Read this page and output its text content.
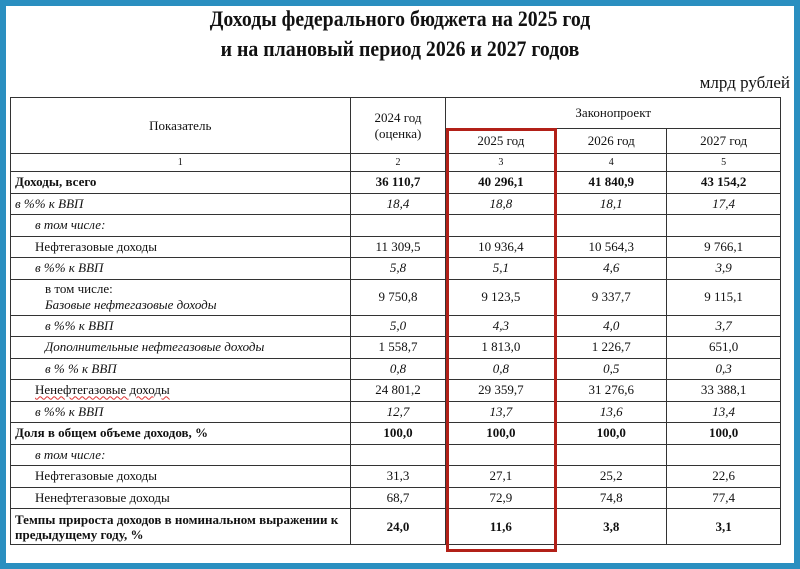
Доходы федерального бюджета на 2025 год
и на плановый период 2026 и 2027 годов
млрд рублей
Показатель	2024 год (оценка)	Законопроект		
		2025 год	2026 год	2027 год
1	2	3	4	5

Доходы, всего	36 110,7	40 296,1	41 840,9	43 154,2

в %% к ВВП	18,4	18,8	18,1	17,4

в том числе:				

Нефтегазовые доходы	11 309,5	10 936,4	10 564,3	9 766,1

в %% к ВВП	5,8	5,1	4,6	3,9

в том числе:
Базовые нефтегазовые доходы	9 750,8	9 123,5	9 337,7	9 115,1

в %% к ВВП	5,0	4,3	4,0	3,7

Дополнительные нефтегазовые доходы	1 558,7	1 813,0	1 226,7	651,0

в % % к ВВП	0,8	0,8	0,5	0,3

Ненефтегазовые доходы	24 801,2	29 359,7	31 276,6	33 388,1

в %% к ВВП	12,7	13,7	13,6	13,4

Доля в общем объеме доходов, %	100,0	100,0	100,0	100,0

в том числе:				

Нефтегазовые доходы	31,3	27,1	25,2	22,6

Ненефтегазовые доходы	68,7	72,9	74,8	77,4

Темпы прироста доходов в номинальном выражении к предыдущему году, %	24,0	11,6	3,8	3,1
